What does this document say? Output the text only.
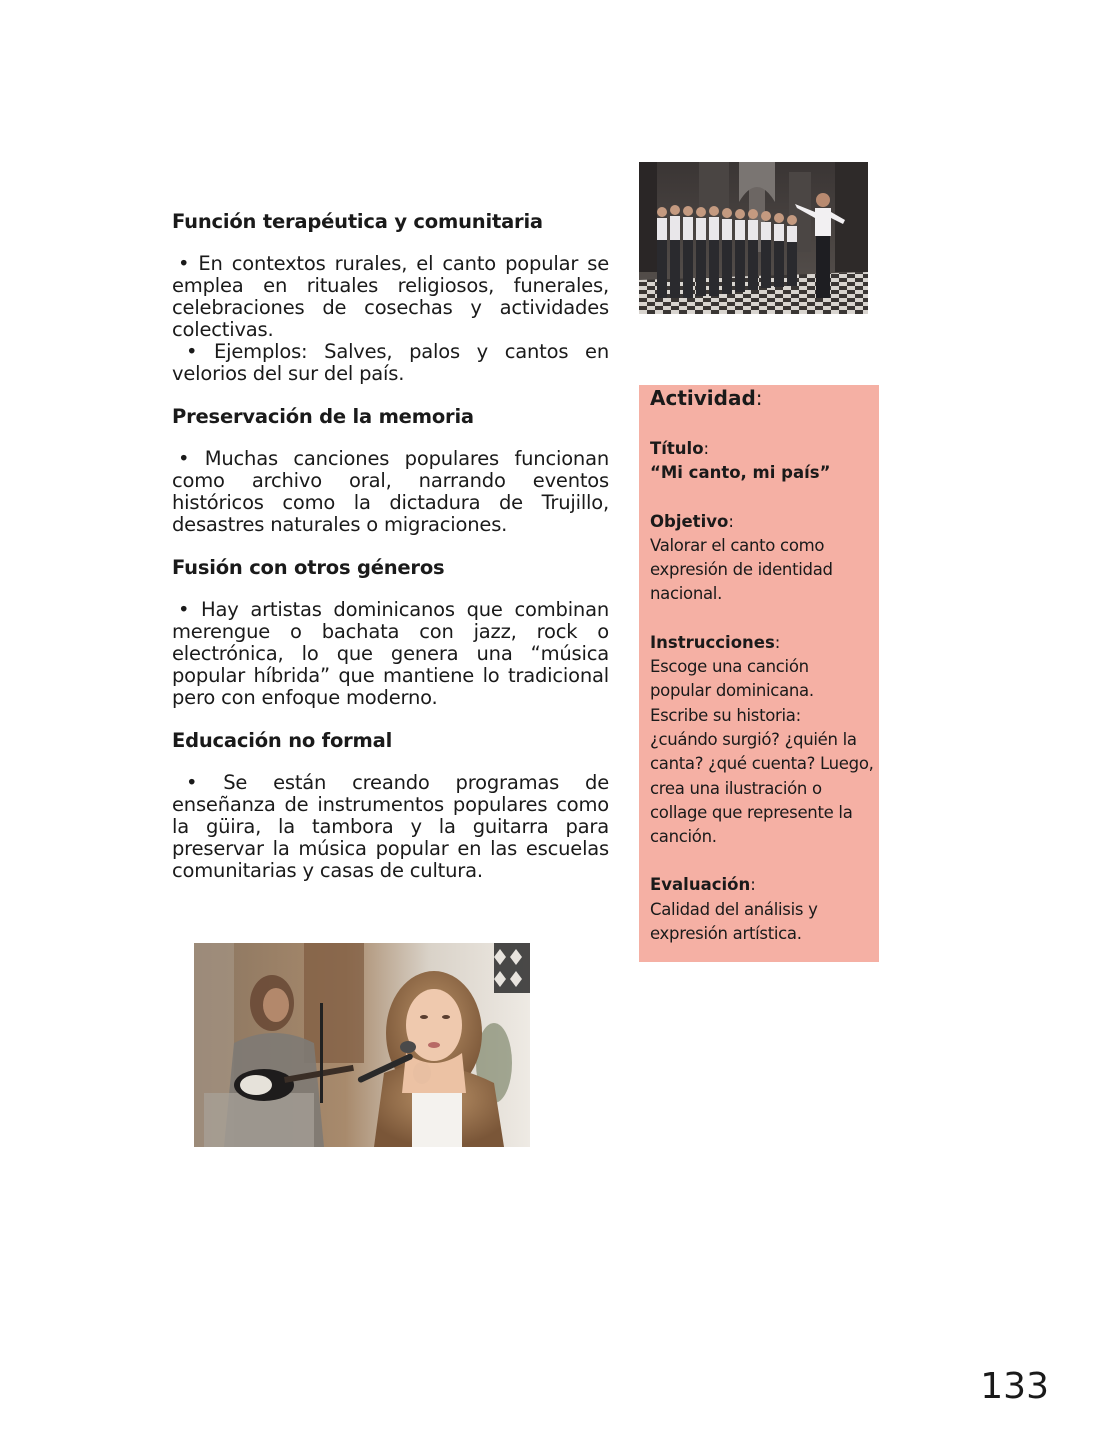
Función terapéutica y comunitaria
• En contextos rurales, el canto popular se emplea en rituales religiosos, funerales, celebraciones de cosechas y actividades colectivas.
• Ejemplos: Salves, palos y cantos en velorios del sur del país.
Preservación de la memoria
• Muchas canciones populares funcionan como archivo oral, narrando eventos históricos como la dictadura de Trujillo, desastres naturales o migraciones.
Fusión con otros géneros
• Hay artistas dominicanos que combinan merengue o bachata con jazz, rock o electrónica, lo que genera una “música popular híbrida” que mantiene lo tradicional pero con enfoque moderno.
Educación no formal
• Se están creando programas de enseñanza de instrumentos populares como la güira, la tambora y la guitarra para preservar la música popular en las escuelas comunitarias y casas de cultura.
Actividad:
Título:
“Mi canto, mi país”
Objetivo:
Valorar el canto como
expresión de identidad
nacional.
Instrucciones:
Escoge una canción
popular dominicana.
Escribe su historia:
¿cuándo surgió? ¿quién la
canta? ¿qué cuenta? Luego,
crea una ilustración o
collage que represente la
canción.
Evaluación:
Calidad del análisis y
expresión artística.
133
